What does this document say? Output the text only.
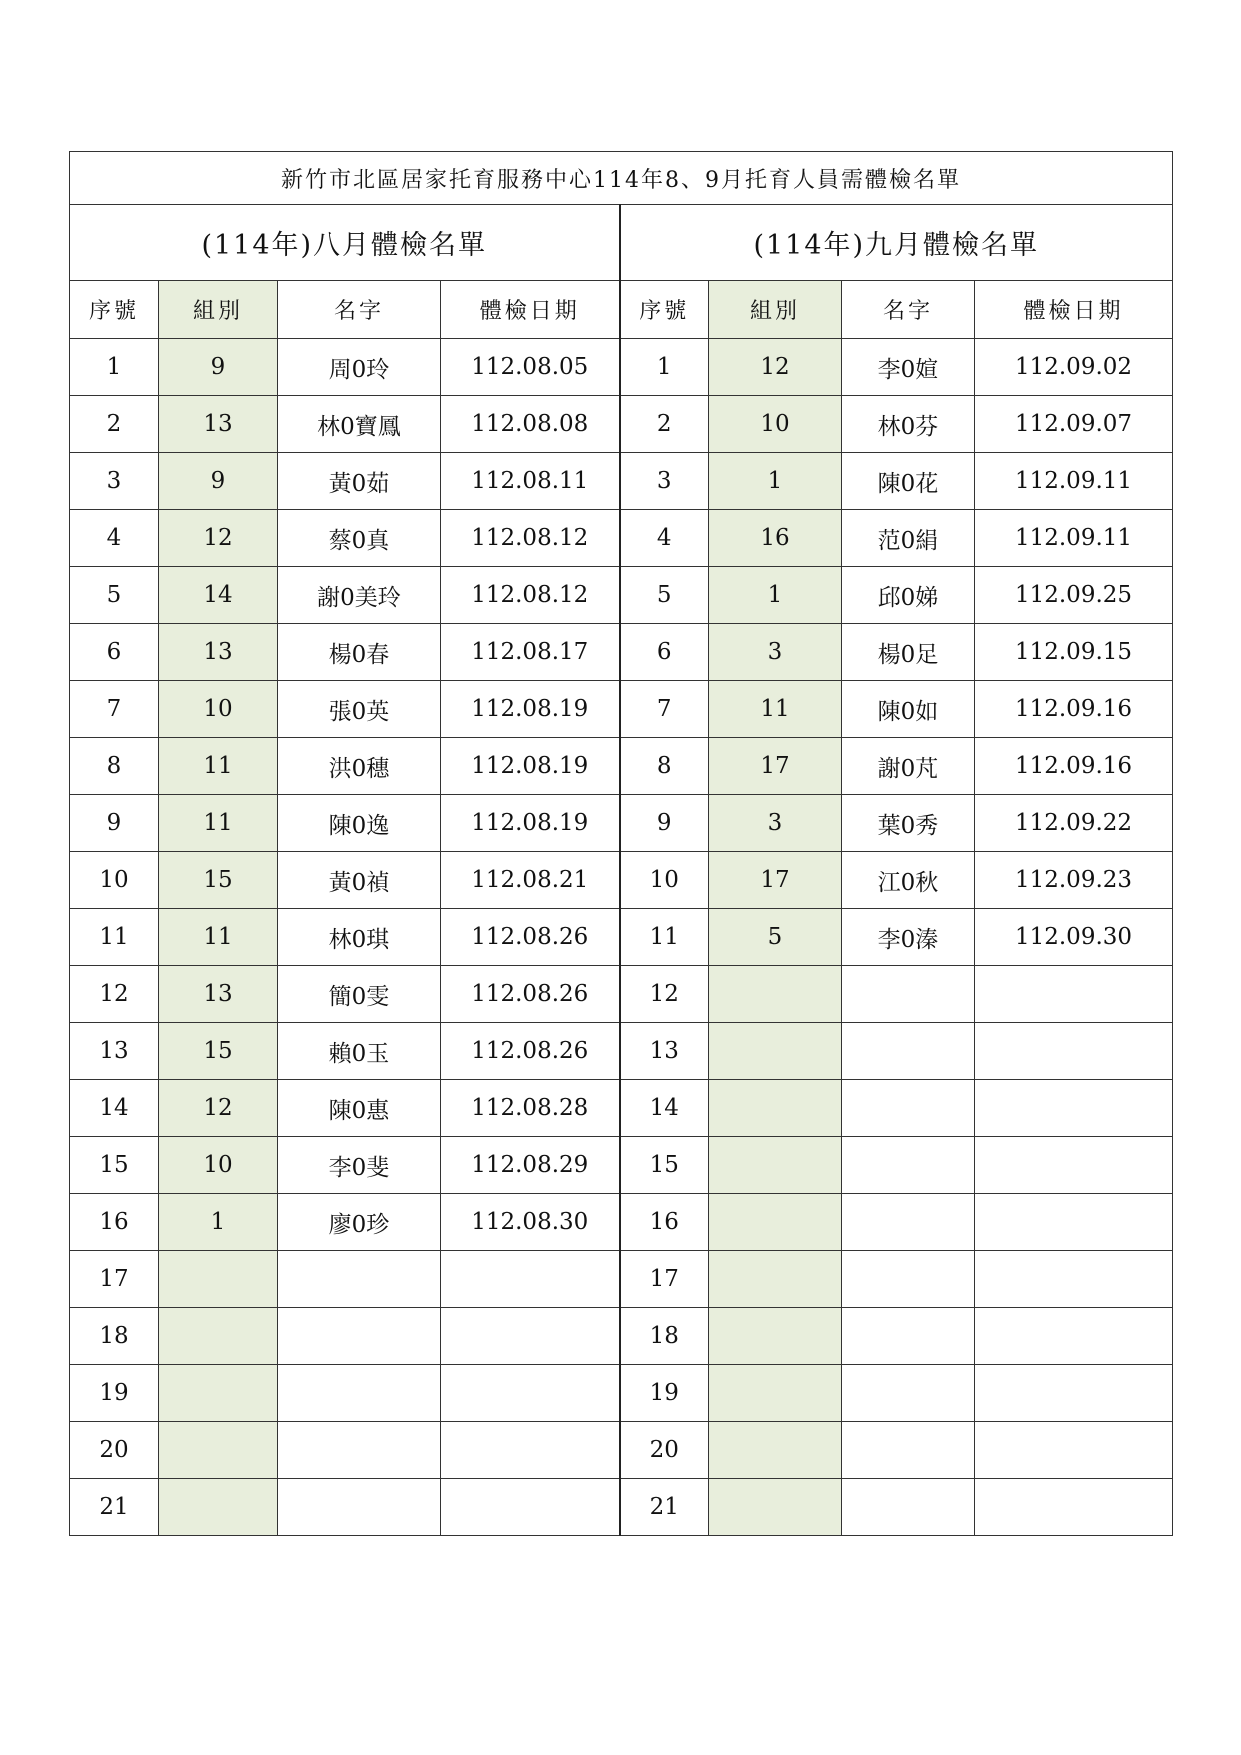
新竹市北區居家托育服務中心114年8、9月托育人員需體檢名單							
(114年)八月體檢名單				(114年)九月體檢名單			
序號	組別	名字	體檢日期	序號	組別	名字	體檢日期
1	9	周0玲	112.08.05	1	12	李0媗	112.09.02
2	13	林0寶鳳	112.08.08	2	10	林0芬	112.09.07
3	9	黃0茹	112.08.11	3	1	陳0花	112.09.11
4	12	蔡0真	112.08.12	4	16	范0絹	112.09.11
5	14	謝0美玲	112.08.12	5	1	邱0娣	112.09.25
6	13	楊0春	112.08.17	6	3	楊0足	112.09.15
7	10	張0英	112.08.19	7	11	陳0如	112.09.16
8	11	洪0穗	112.08.19	8	17	謝0芃	112.09.16
9	11	陳0逸	112.08.19	9	3	葉0秀	112.09.22
10	15	黃0禎	112.08.21	10	17	江0秋	112.09.23
11	11	林0琪	112.08.26	11	5	李0溱	112.09.30
12	13	簡0雯	112.08.26	12			
13	15	賴0玉	112.08.26	13			
14	12	陳0惠	112.08.28	14			
15	10	李0斐	112.08.29	15			
16	1	廖0珍	112.08.30	16			
17				17			
18				18			
19				19			
20				20			
21				21			
